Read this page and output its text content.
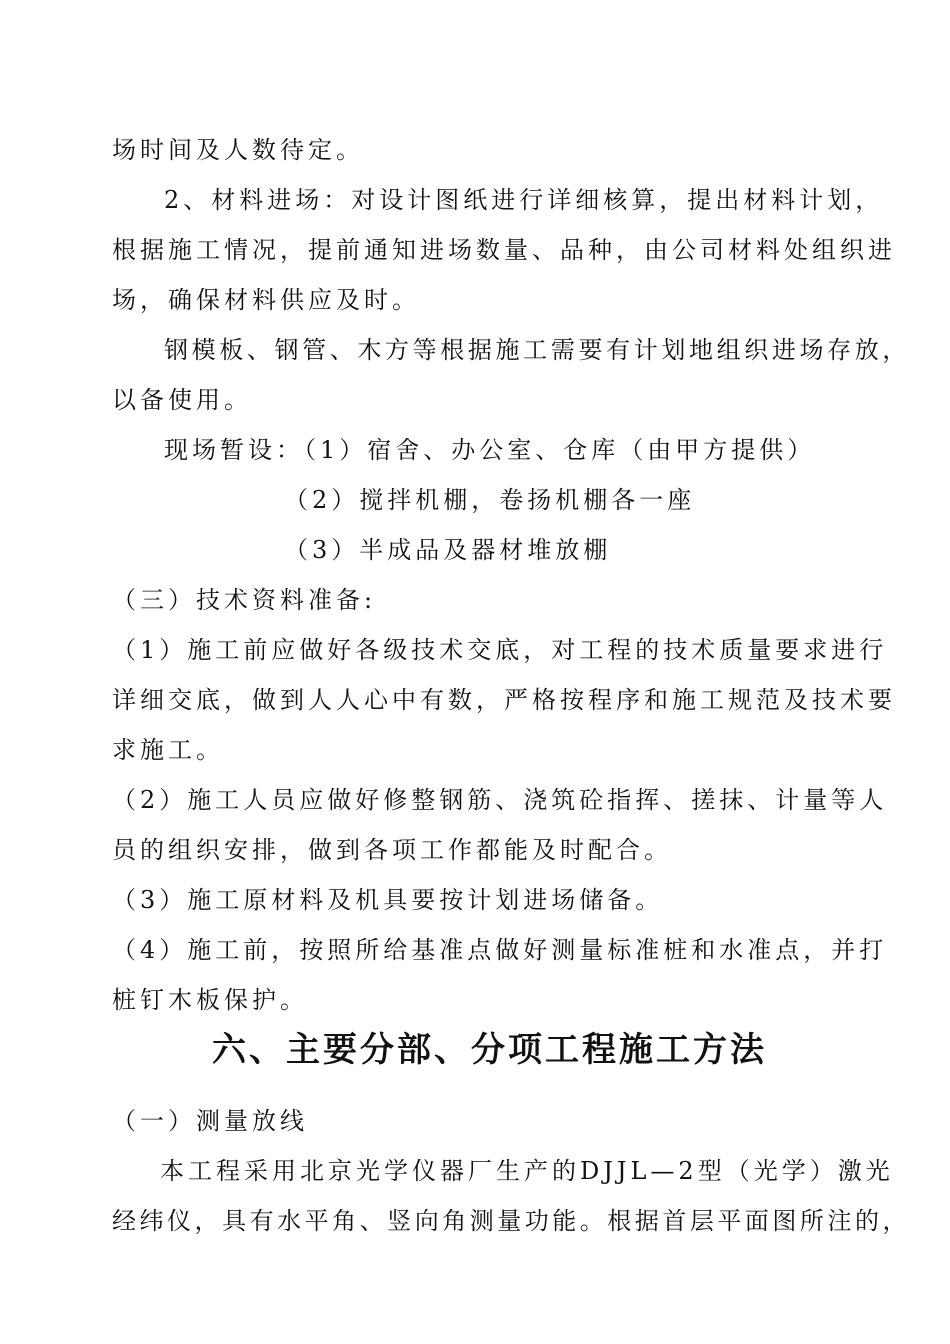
场时间及人数待定。
2、材料进场：对设计图纸进行详细核算，提出材料计划，
根据施工情况，提前通知进场数量、品种，由公司材料处组织进
场，确保材料供应及时。
钢模板、钢管、木方等根据施工需要有计划地组织进场存放，
以备使用。
现场暂设：（1）宿舍、办公室、仓库（由甲方提供）
（2）搅拌机棚，卷扬机棚各一座
（3）半成品及器材堆放棚
（三）技术资料准备:
（1）施工前应做好各级技术交底，对工程的技术质量要求进行
详细交底，做到人人心中有数，严格按程序和施工规范及技术要
求施工。
（2）施工人员应做好修整钢筋、浇筑砼指挥、搓抹、计量等人
员的组织安排，做到各项工作都能及时配合。
（3）施工原材料及机具要按计划进场储备。
（4）施工前，按照所给基准点做好测量标准桩和水准点，并打
桩钉木板保护。
六、主要分部、分项工程施工方法
（一）测量放线
本工程采用北京光学仪器厂生产的DJJL—2型（光学）激光
经纬仪，具有水平角、竖向角测量功能。根据首层平面图所注的，
